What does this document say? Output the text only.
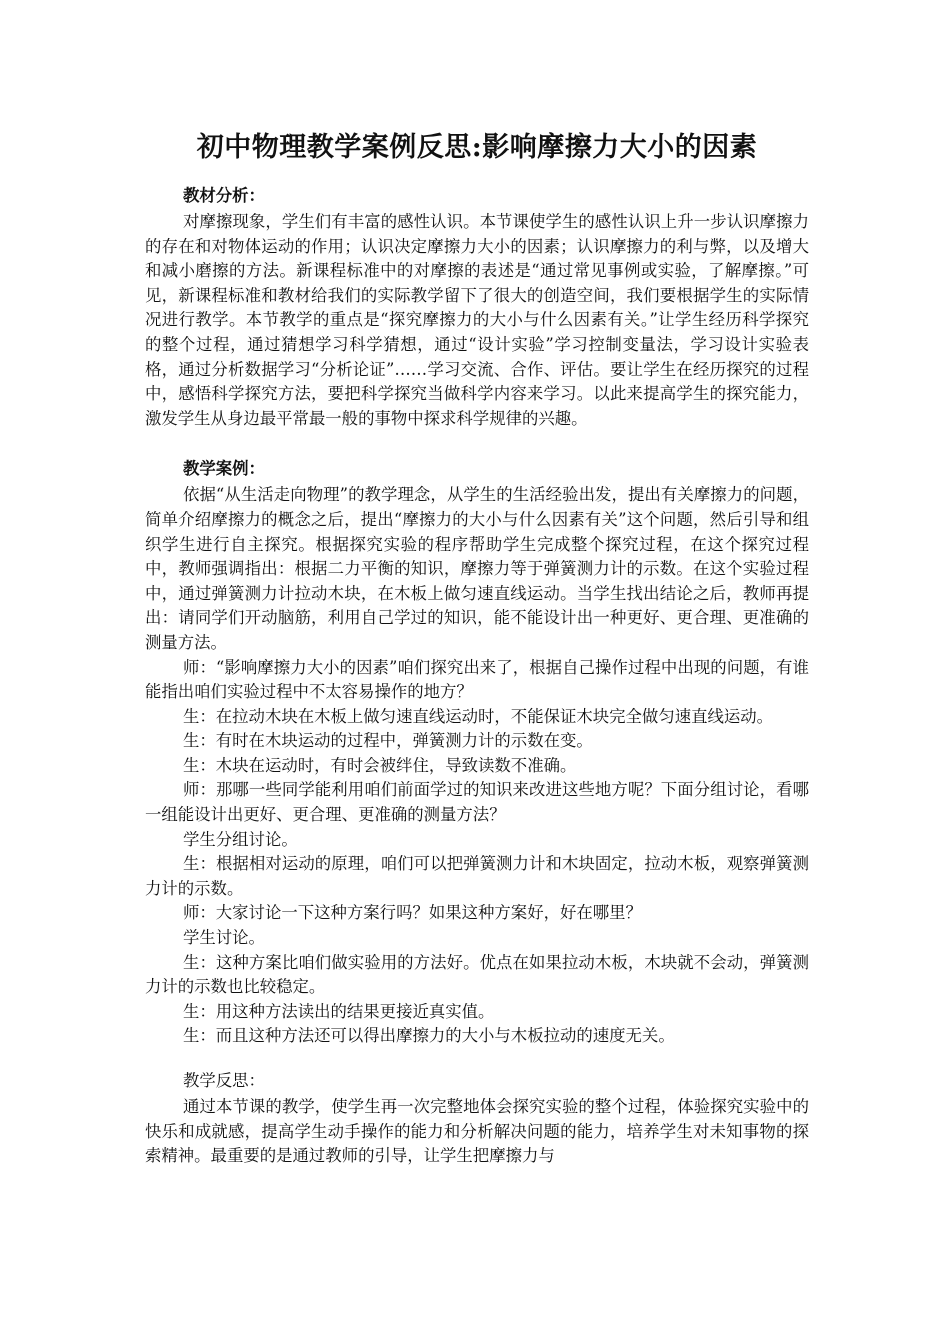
初中物理教学案例反思:影响摩擦力大小的因素

教材分析：

对摩擦现象，学生们有丰富的感性认识。本节课使学生的感性认识上升一步认识摩擦力的存在和对物体运动的作用；认识决定摩擦力大小的因素；认识摩擦力的利与弊，以及增大和减小磨擦的方法。新课程标准中的对摩擦的表述是“通过常见事例或实验，了解摩擦。”可见，新课程标准和教材给我们的实际教学留下了很大的创造空间，我们要根据学生的实际情况进行教学。本节教学的重点是“探究摩擦力的大小与什么因素有关。”让学生经历科学探究的整个过程，通过猜想学习科学猜想，通过“设计实验”学习控制变量法，学习设计实验表格，通过分析数据学习“分析论证”……学习交流、合作、评估。要让学生在经历探究的过程中，感悟科学探究方法，要把科学探究当做科学内容来学习。以此来提高学生的探究能力，激发学生从身边最平常最一般的事物中探求科学规律的兴趣。

教学案例：

依据“从生活走向物理”的教学理念，从学生的生活经验出发，提出有关摩擦力的问题，简单介绍摩擦力的概念之后，提出“摩擦力的大小与什么因素有关”这个问题，然后引导和组织学生进行自主探究。根据探究实验的程序帮助学生完成整个探究过程，在这个探究过程中，教师强调指出：根据二力平衡的知识，摩擦力等于弹簧测力计的示数。在这个实验过程中，通过弹簧测力计拉动木块，在木板上做匀速直线运动。当学生找出结论之后，教师再提出：请同学们开动脑筋，利用自己学过的知识，能不能设计出一种更好、更合理、更准确的测量方法。

师：“影响摩擦力大小的因素”咱们探究出来了，根据自己操作过程中出现的问题，有谁能指出咱们实验过程中不太容易操作的地方？

生：在拉动木块在木板上做匀速直线运动时，不能保证木块完全做匀速直线运动。

生：有时在木块运动的过程中，弹簧测力计的示数在变。

生：木块在运动时，有时会被绊住，导致读数不准确。

师：那哪一些同学能利用咱们前面学过的知识来改进这些地方呢？下面分组讨论，看哪一组能设计出更好、更合理、更准确的测量方法？

学生分组讨论。

生：根据相对运动的原理，咱们可以把弹簧测力计和木块固定，拉动木板，观察弹簧测力计的示数。

师：大家讨论一下这种方案行吗？如果这种方案好，好在哪里？

学生讨论。

生：这种方案比咱们做实验用的方法好。优点在如果拉动木板，木块就不会动，弹簧测力计的示数也比较稳定。

生：用这种方法读出的结果更接近真实值。

生：而且这种方法还可以得出摩擦力的大小与木板拉动的速度无关。

教学反思：

通过本节课的教学，使学生再一次完整地体会探究实验的整个过程，体验探究实验中的快乐和成就感，提高学生动手操作的能力和分析解决问题的能力，培养学生对未知事物的探索精神。最重要的是通过教师的引导，让学生把摩擦力与
